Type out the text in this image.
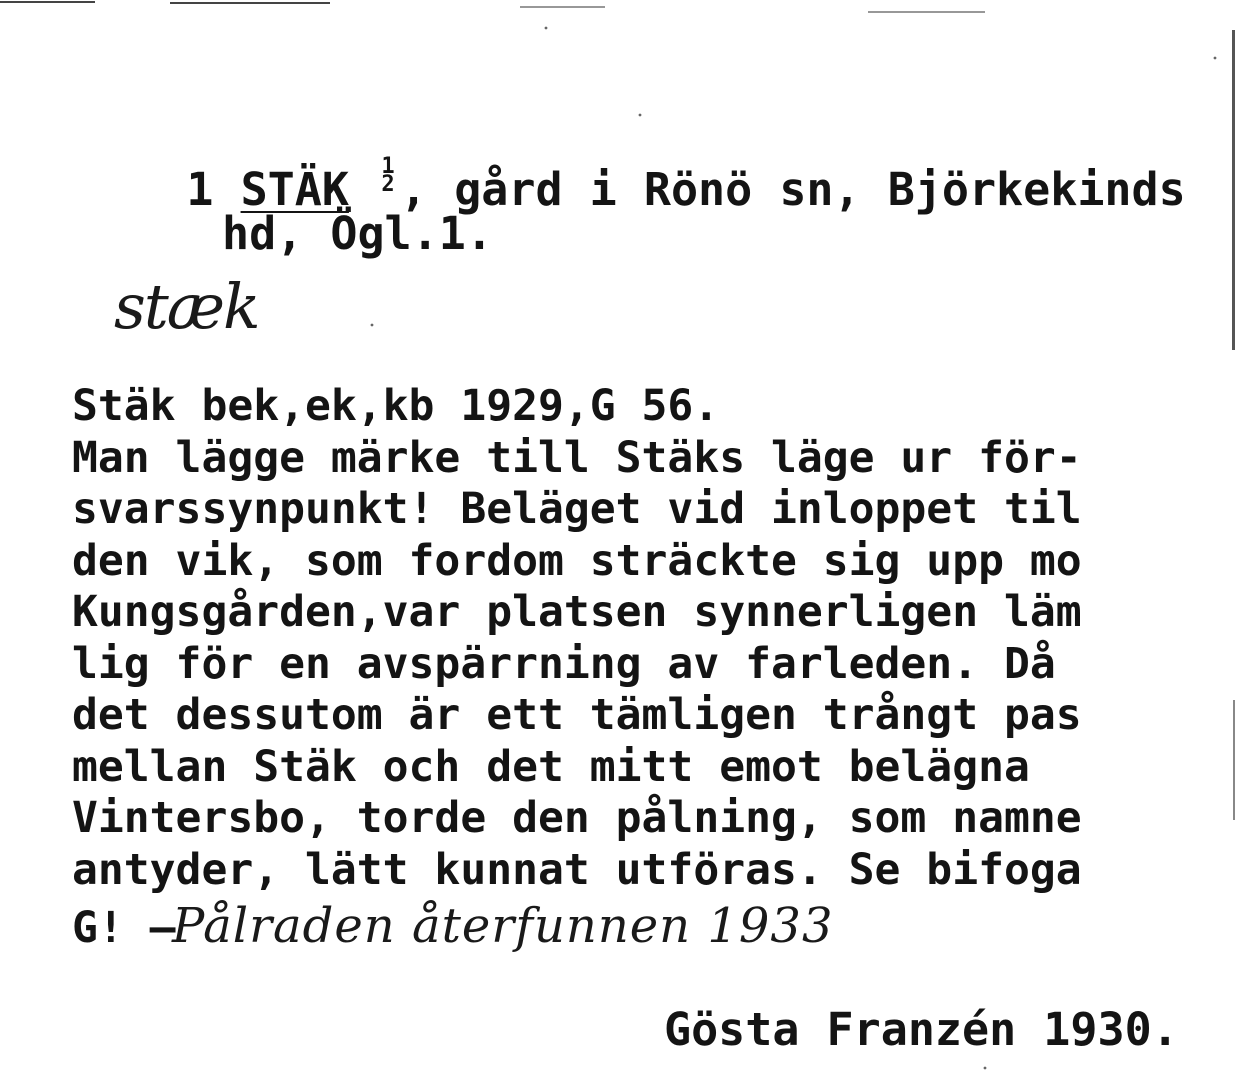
1 STÄK 1
2 , gård i Rönö sn, Björkekinds

hd, Ögl.1.
stæk
Stäk bek,ek,kb 1929,G 56.
Man lägge märke till Stäks läge ur för-
svarssynpunkt! Beläget vid inloppet til
den vik, som fordom sträckte sig upp mo
Kungsgården,var platsen synnerligen läm
lig för en avspärrning av farleden. Då
det dessutom är ett tämligen trångt pas
mellan Stäk och det mitt emot belägna
Vintersbo, torde den pålning, som namne
antyder, lätt kunnat utföras. Se bifoga
G! –
Pålraden återfunnen 1933
Gösta Franzén 1930.
